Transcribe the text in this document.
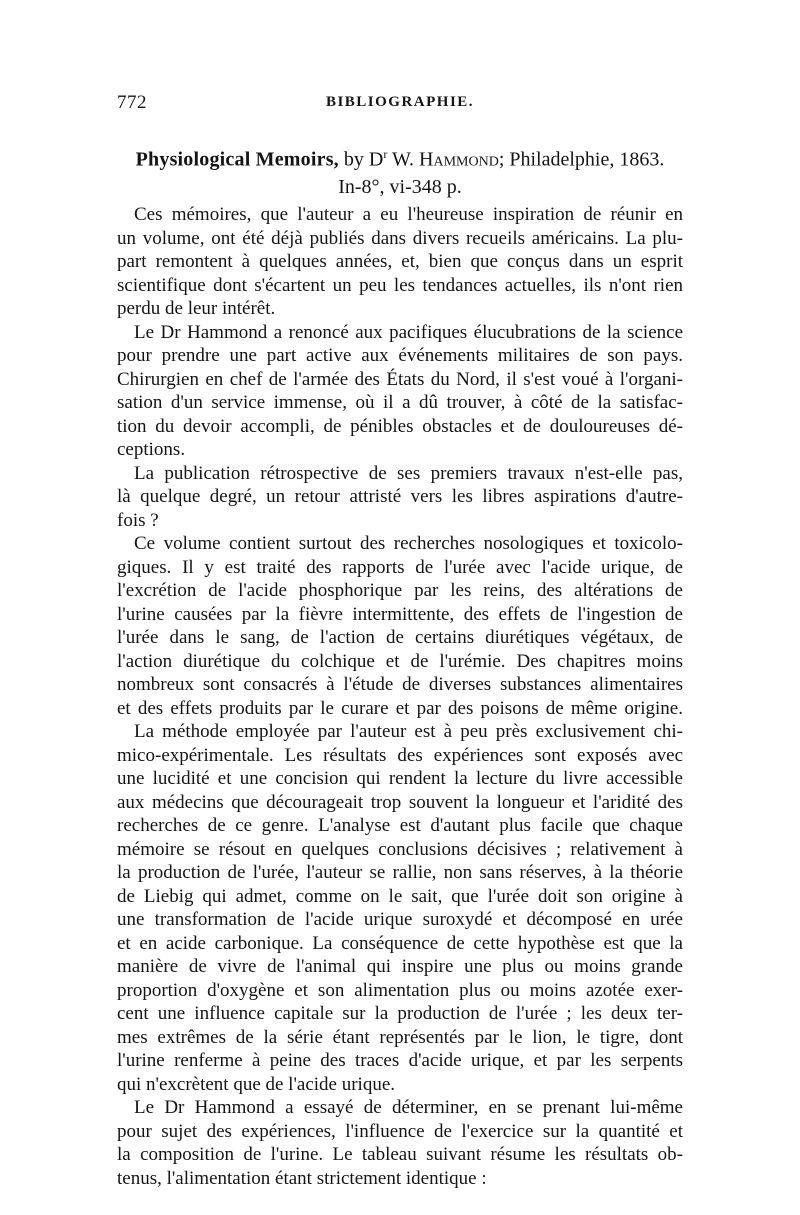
772	BIBLIOGRAPHIE.
Physiological Memoirs, by $D^r$ W. Hammond; Philadelphie, 1863.
In-8°, vi-348 p.
Ces mémoires, que l'auteur a eu l'heureuse inspiration de réunir en
un volume, ont été déjà publiés dans divers recueils américains. La plu-
part remontent à quelques années, et, bien que conçus dans un esprit
scientifique dont s'écartent un peu les tendances actuelles, ils n'ont rien
perdu de leur intérêt.
Le Dr Hammond a renoncé aux pacifiques élucubrations de la science
pour prendre une part active aux événements militaires de son pays.
Chirurgien en chef de l'armée des États du Nord, il s'est voué à l'organi-
sation d'un service immense, où il a dû trouver, à côté de la satisfac-
tion du devoir accompli, de pénibles obstacles et de douloureuses dé-
ceptions.
La publication rétrospective de ses premiers travaux n'est-elle pas,
là quelque degré, un retour attristé vers les libres aspirations d'autre-
fois ?
Ce volume contient surtout des recherches nosologiques et toxicolo-
giques. Il y est traité des rapports de l'urée avec l'acide urique, de
l'excrétion de l'acide phosphorique par les reins, des altérations de
l'urine causées par la fièvre intermittente, des effets de l'ingestion de
l'urée dans le sang, de l'action de certains diurétiques végétaux, de
l'action diurétique du colchique et de l'urémie. Des chapitres moins
nombreux sont consacrés à l'étude de diverses substances alimentaires
et des effets produits par le curare et par des poisons de même origine.
La méthode employée par l'auteur est à peu près exclusivement chi-
mico-expérimentale. Les résultats des expériences sont exposés avec
une lucidité et une concision qui rendent la lecture du livre accessible
aux médecins que décourageait trop souvent la longueur et l'aridité des
recherches de ce genre. L'analyse est d'autant plus facile que chaque
mémoire se résout en quelques conclusions décisives ; relativement à
la production de l'urée, l'auteur se rallie, non sans réserves, à la théorie
de Liebig qui admet, comme on le sait, que l'urée doit son origine à
une transformation de l'acide urique suroxydé et décomposé en urée
et en acide carbonique. La conséquence de cette hypothèse est que la
manière de vivre de l'animal qui inspire une plus ou moins grande
proportion d'oxygène et son alimentation plus ou moins azotée exer-
cent une influence capitale sur la production de l'urée ; les deux ter-
mes extrêmes de la série étant représentés par le lion, le tigre, dont
l'urine renferme à peine des traces d'acide urique, et par les serpents
qui n'excrètent que de l'acide urique.
Le Dr Hammond a essayé de déterminer, en se prenant lui-même
pour sujet des expériences, l'influence de l'exercice sur la quantité et
la composition de l'urine. Le tableau suivant résume les résultats ob-
tenus, l'alimentation étant strictement identique :
